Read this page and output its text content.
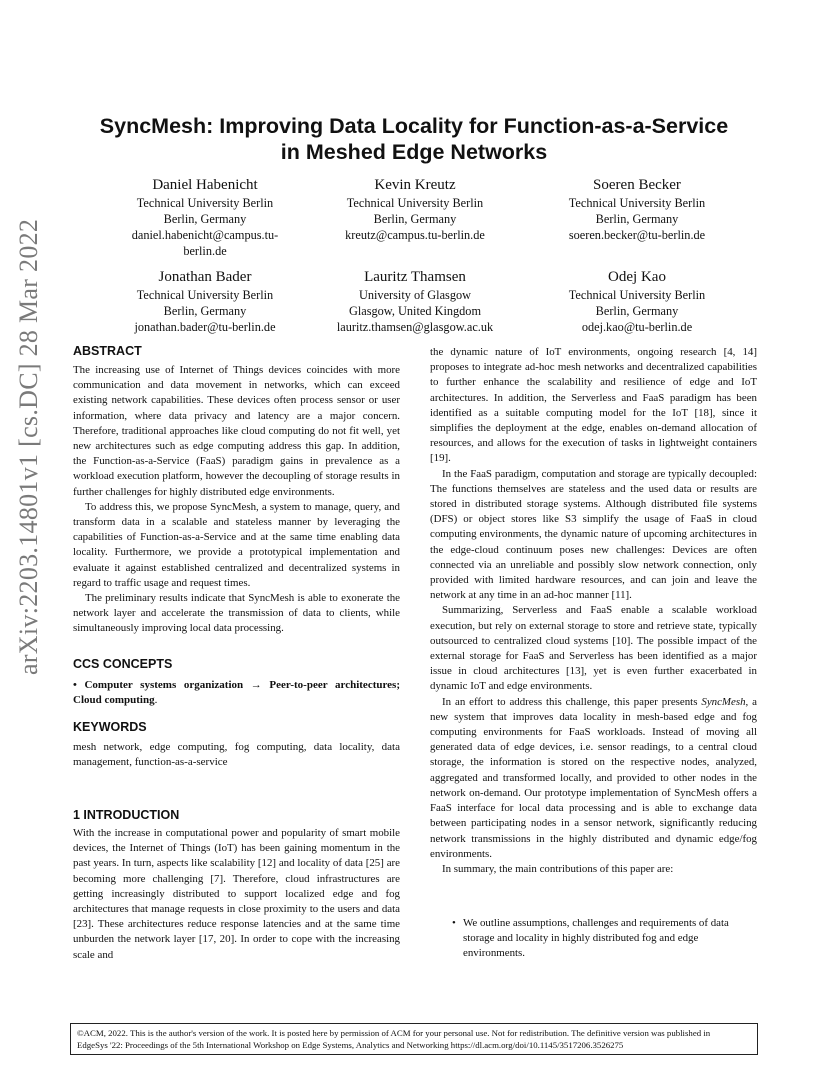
arXiv:2203.14801v1 [cs.DC] 28 Mar 2022
SyncMesh: Improving Data Locality for Function-as-a-Service
in Meshed Edge Networks
Daniel Habenicht
Technical University Berlin
Berlin, Germany
daniel.habenicht@campus.tu-
berlin.de
Kevin Kreutz
Technical University Berlin
Berlin, Germany
kreutz@campus.tu-berlin.de
Soeren Becker
Technical University Berlin
Berlin, Germany
soeren.becker@tu-berlin.de
Jonathan Bader
Technical University Berlin
Berlin, Germany
jonathan.bader@tu-berlin.de
Lauritz Thamsen
University of Glasgow
Glasgow, United Kingdom
lauritz.thamsen@glasgow.ac.uk
Odej Kao
Technical University Berlin
Berlin, Germany
odej.kao@tu-berlin.de
ABSTRACT

The increasing use of Internet of Things devices coincides with more communication and data movement in networks, which can exceed existing network capabilities. These devices often process sensor or user information, where data privacy and latency are a major concern. Therefore, traditional approaches like cloud computing do not fit well, yet new architectures such as edge computing address this gap. In addition, the Function-as-a-Service (FaaS) paradigm gains in prevalence as a workload execution platform, however the decoupling of storage results in further challenges for highly distributed edge environments.

To address this, we propose SyncMesh, a system to manage, query, and transform data in a scalable and stateless manner by leveraging the capabilities of Function-as-a-Service and at the same time enabling data locality. Furthermore, we provide a prototypical implementation and evaluate it against established centralized and decentralized systems in regard to traffic usage and request times.

The preliminary results indicate that SyncMesh is able to exonerate the network layer and accelerate the transmission of data to clients, while simultaneously improving local data processing.

CCS CONCEPTS
• Computer systems organization → Peer-to-peer architectures; Cloud computing.
KEYWORDS
mesh network, edge computing, fog computing, data locality, data management, function-as-a-service
1 INTRODUCTION

With the increase in computational power and popularity of smart mobile devices, the Internet of Things (IoT) has been gaining momentum in the past years. In turn, aspects like scalability [12] and locality of data [25] are becoming more challenging [7]. Therefore, cloud infrastructures are getting increasingly distributed to support localized edge and fog architectures that manage requests in close proximity to the users and data [23]. These architectures reduce response latencies and at the same time unburden the network layer [17, 20]. In order to cope with the increasing scale and

the dynamic nature of IoT environments, ongoing research [4, 14] proposes to integrate ad-hoc mesh networks and decentralized capabilities to further enhance the scalability and resilience of edge and IoT architectures. In addition, the Serverless and FaaS paradigm has been identified as a suitable computing model for the IoT [18], since it simplifies the deployment at the edge, enables on-demand allocation of resources, and allows for the execution of tasks in lightweight containers [19].

In the FaaS paradigm, computation and storage are typically decoupled: The functions themselves are stateless and the used data or results are stored in distributed storage systems. Although distributed file systems (DFS) or object stores like S3 simplify the usage of FaaS in cloud computing environments, the dynamic nature of upcoming architectures in the edge-cloud continuum poses new challenges: Devices are often connected via an unreliable and possibly slow network connection, only provided with limited hardware resources, and can join and leave the network at any time in an ad-hoc manner [11].

Summarizing, Serverless and FaaS enable a scalable workload execution, but rely on external storage to store and retrieve state, typically outsourced to centralized cloud systems [10]. The possible impact of the external storage for FaaS and Serverless has been identified as a major issue in cloud architectures [13], yet is even further exacerbated in dynamic IoT and edge environments.

In an effort to address this challenge, this paper presents SyncMesh, a new system that improves data locality in mesh-based edge and fog computing environments for FaaS workloads. Instead of moving all generated data of edge devices, i.e. sensor readings, to a central cloud storage, the information is stored on the respective nodes, analyzed, aggregated and transformed locally, and provided to other nodes in the network on-demand. Our prototype implementation of SyncMesh offers a FaaS interface for local data processing and is able to exchange data between participating nodes in a sensor network, significantly reducing network transmissions in the highly distributed and dynamic edge/fog environments.

In summary, the main contributions of this paper are:

• We outline assumptions, challenges and requirements of data storage and locality in highly distributed fog and edge environments.
©ACM, 2022. This is the author's version of the work. It is posted here by permission of ACM for your personal use. Not for redistribution. The definitive version was published in
EdgeSys '22: Proceedings of the 5th International Workshop on Edge Systems, Analytics and Networking https://dl.acm.org/doi/10.1145/3517206.3526275
